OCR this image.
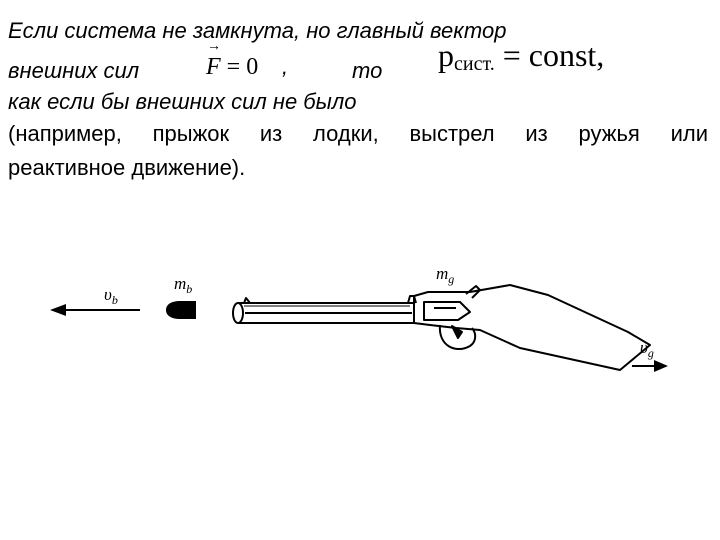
Если система не замкнута, но главный вектор
внешних сил
→	F = 0 ,	то $p_{сист.}$ = const,
как если бы внешних сил не было
(например, прыжок из лодки, выстрел из ружья или
реактивное движение).
$\upsilon_b$
$m_b$
$m_g$
$\upsilon_g$
